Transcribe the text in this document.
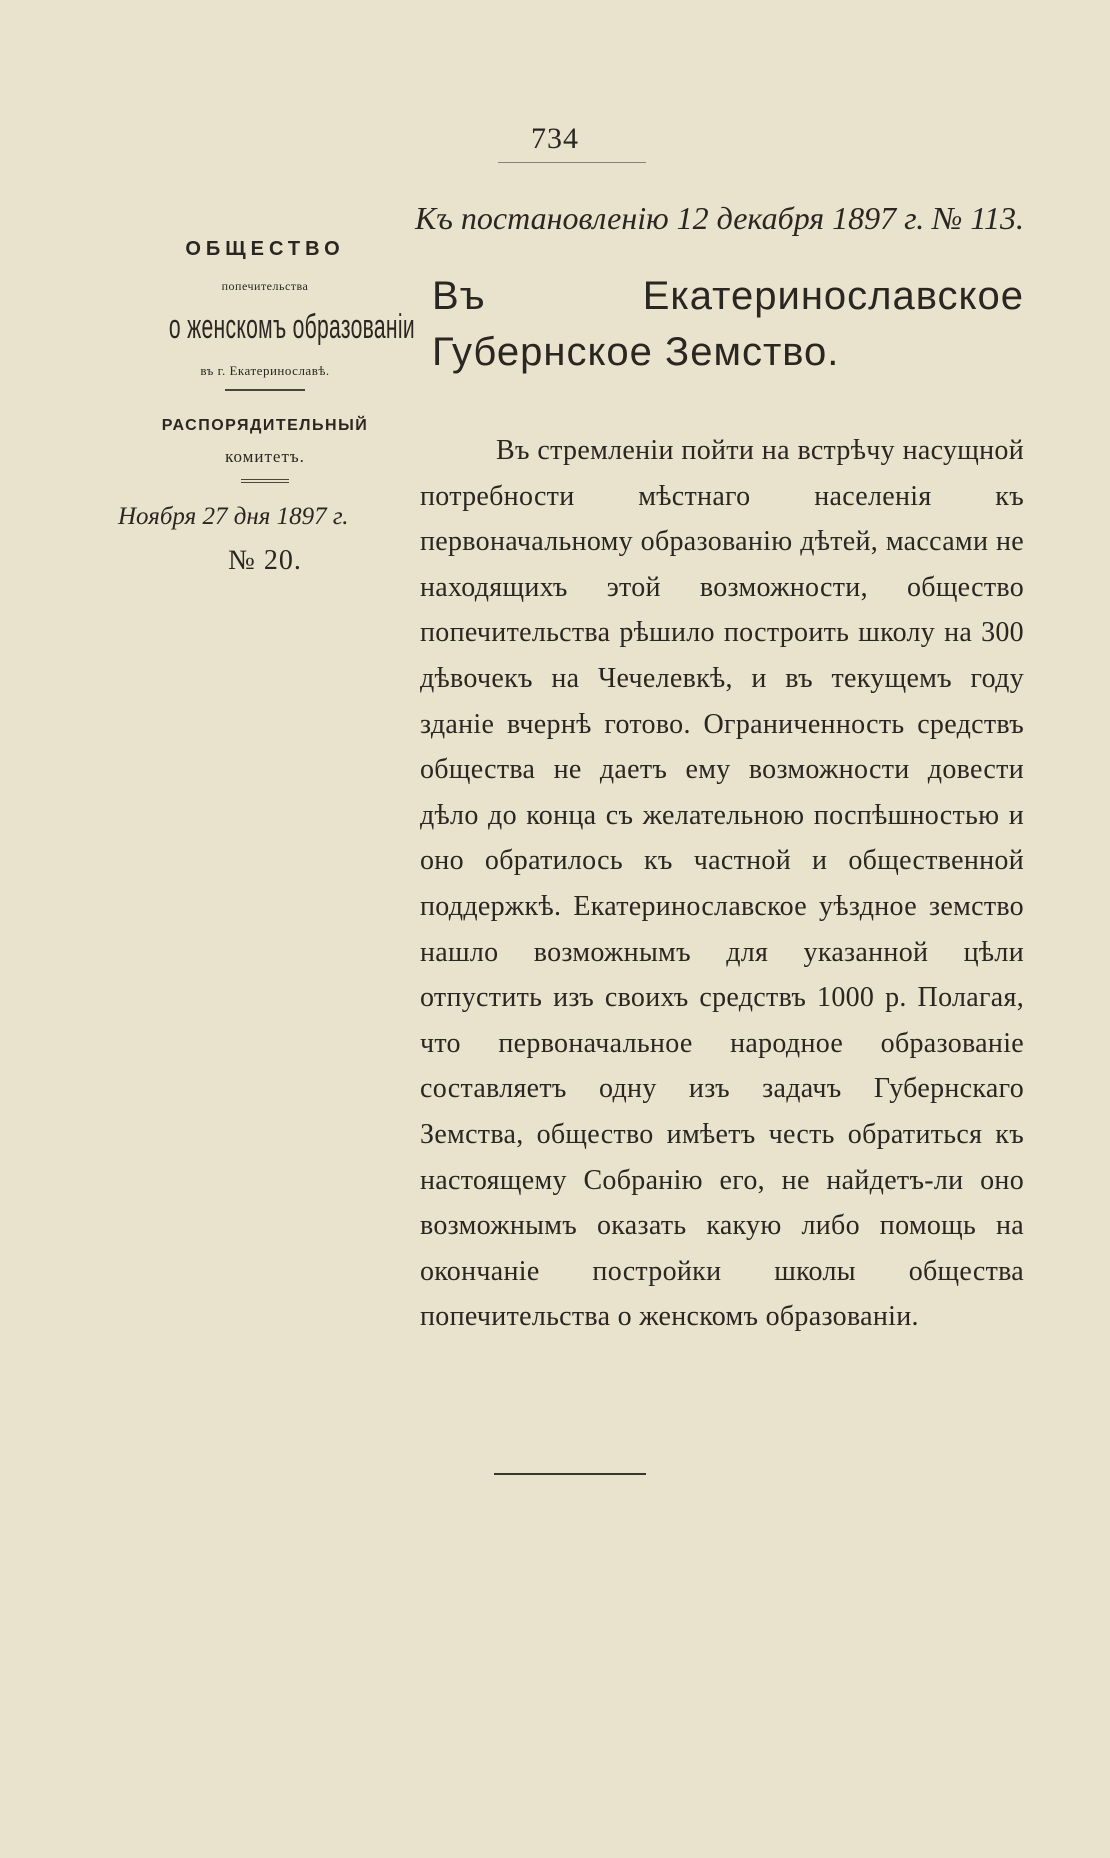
734
Къ постановленію 12 декабря 1897 г. № 113.
ОБЩЕСТВО
попечительства
о женскомъ образованіи
въ г. Екатеринославѣ.
РАСПОРЯДИТЕЛЬНЫЙ
комитетъ.
Ноября 27 дня 1897 г.
№ 20.
Въ Екатеринославское Губернское Земство.
Въ стремленіи пойти на встрѣчу насущной потребности мѣстнаго населенія къ первоначальному образованію дѣтей, массами не находящихъ этой возможности, общество попечительства рѣшило построить школу на 300 дѣвочекъ на Чечелевкѣ, и въ текущемъ году зданіе вчернѣ готово. Ограниченность средствъ общества не даетъ ему возможности довести дѣло до конца съ желательною поспѣшностью и оно обратилось къ частной и общественной поддержкѣ. Екатеринославское уѣздное земство нашло возможнымъ для указанной цѣли отпустить изъ своихъ средствъ 1000 р. Полагая, что первоначальное народное образованіе составляетъ одну изъ задачъ Губернскаго Земства, общество имѣетъ честь обратиться къ настоящему Собранію его, не найдетъ-ли оно возможнымъ оказать какую либо помощь на окончаніе постройки школы общества попечительства о женскомъ образованіи.
